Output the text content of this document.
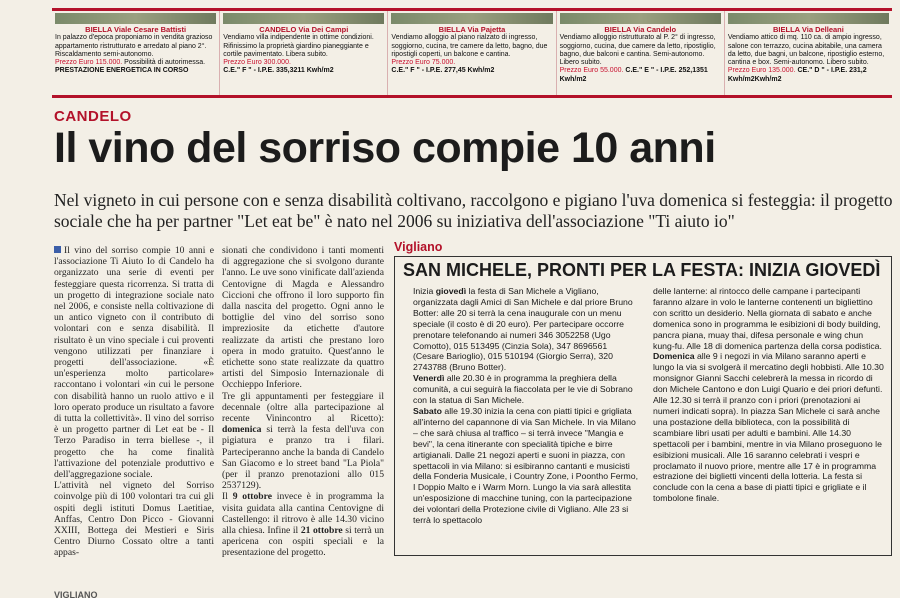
BIELLA Viale Cesare Battisti
In palazzo d'epoca proponiamo in vendita grazioso appartamento ristrutturato e arredato al piano 2°. Riscaldamento semi-autonomo.
Prezzo Euro 115.000. Possibilità di autorimessa.
PRESTAZIONE ENERGETICA IN CORSO
CANDELO Via Dei Campi
Vendiamo villa indipendente in ottime condizioni. Rifinissimo la proprietà giardino pianeggiante e cortile pavimentato. Libera subito.
Prezzo Euro 300.000.
C.E." F " - I.P.E. 335,3211 Kwh/m2
BIELLA Via Pajetta
Vendiamo alloggio al piano rialzato di ingresso, soggiorno, cucina, tre camere da letto, bagno, due ripostigli coperti, un balcone e cantina.
Prezzo Euro 75.000.
C.E." F " - I.P.E. 277,45 Kwh/m2
BIELLA Via Candelo
Vendiamo alloggio ristrutturato al P. 2° di ingresso, soggiorno, cucina, due camere da letto, ripostiglio, bagno, due balconi e cantina. Semi-autonomo. Libero subito.
Prezzo Euro 55.000. C.E." E " - I.P.E. 252,1351 Kwh/m2
BIELLA Via Delleani
Vendiamo attico di mq. 110 ca. di ampio ingresso, salone con terrazzo, cucina abitabile, una camera da letto, due bagni, un balcone, ripostiglio esterno, cantina e box. Semi-autonomo. Libero subito.
Prezzo Euro 135.000. CE." D " - I.P.E. 231,2 Kwh/m2Kwh/m2
CANDELO
Il vino del sorriso compie 10 anni
Nel vigneto in cui persone con e senza disabilità coltivano, raccolgono e pigiano l'uva domenica si festeggia: il progetto sociale che ha per partner "Let eat be" è nato nel 2006 su iniziativa dell'associazione "Ti aiuto io"

Il vino del sorriso compie 10 anni e l'associazione Ti Aiuto Io di Candelo ha organizzato una serie di eventi per festeggiare questa ricorrenza. Si tratta di un progetto di integrazione sociale nato nel 2006, e consiste nella coltivazione di un antico vigneto con il contributo di volontari con e senza disabilità. Il risultato è un vino speciale i cui proventi vengono utilizzati per finanziare i progetti dell'associazione. «È un'esperienza molto particolare» raccontano i volontari «in cui le persone con disabilità hanno un ruolo attivo e il loro operato produce un risultato a favore di tutta la collettività». Il vino del sorriso è un progetto partner di Let eat be - Il Terzo Paradiso in terra biellese -, il progetto che ha come finalità l'attivazione del potenziale produttivo e dell'aggregazione sociale.

L'attività nel vigneto del Sorriso coinvolge più di 100 volontari tra cui gli ospiti degli istituti Domus Laetitiae, Anffas, Centro Don Picco - Giovanni XXIII, Bottega dei Mestieri e Siris Centro Diurno Cossato oltre a tanti appas-

sionati che condividono i tanti momenti di aggregazione che si svolgono durante l'anno. Le uve sono vinificate dall'azienda Centovigne di Magda e Alessandro Ciccioni che offrono il loro supporto fin dalla nascita del progetto. Ogni anno le bottiglie del vino del sorriso sono impreziosite da etichette d'autore realizzate da artisti che prestano loro opera in modo gratuito. Quest'anno le etichette sono state realizzate da quattro artisti del Simposio Internazionale di Occhieppo Inferiore.

Tre gli appuntamenti per festeggiare il decennale (oltre alla partecipazione al recente Vinincontro al Ricetto): domenica si terrà la festa dell'uva con pigiatura e pranzo tra i filari. Parteciperanno anche la banda di Candelo San Giacomo e lo street band "La Piola" (per il pranzo prenotazioni allo 015 2537129).

Il 9 ottobre invece è in programma la visita guidata alla cantina Centovigne di Castellengo: il ritrovo è alle 14.30 vicino alla chiesa. Infine il 21 ottobre si terrà un apericena con ospiti speciali e la presentazione del progetto.

Vigliano
SAN MICHELE, PRONTI PER LA FESTA: INIZIA GIOVEDÌ

Inizia giovedì la festa di San Michele a Vigliano, organizzata dagli Amici di San Michele e dal priore Bruno Botter: alle 20 si terrà la cena inaugurale con un menu speciale (il costo è di 20 euro). Per partecipare occorre prenotare telefonando ai numeri 346 3052258 (Ugo Comotto), 015 513495 (Cinzia Sola), 347 8696561 (Cesare Barioglio), 015 510194 (Giorgio Serra), 320 2743788 (Bruno Botter).

Venerdì alle 20.30 è in programma la preghiera della comunità, a cui seguirà la fiaccolata per le vie di Sobrano con la statua di San Michele.

Sabato alle 19.30 inizia la cena con piatti tipici e grigliata all'interno del capannone di via San Michele. In via Milano – che sarà chiusa al traffico – si terrà invece "Mangia e bevi", la cena itinerante con specialità tipiche e birre artigianali. Dalle 21 negozi aperti e suoni in piazza, con spettacoli in via Milano: si esibiranno cantanti e musicisti della Fonderia Musicale, i Country Zone, i Poontho Fermo, I Doppio Malto e i Warm Morn. Lungo la via sarà allestita un'esposizione di macchine tuning, con la partecipazione dei volontari della Protezione civile di Vigliano. Alle 23 si terrà lo spettacolo

delle lanterne: al rintocco delle campane i partecipanti faranno alzare in volo le lanterne contenenti un bigliettino con scritto un desiderio. Nella giornata di sabato e anche domenica sono in programma le esibizioni di body building, pancra piana, muay thai, difesa personale e wing chun kung-fu. Alle 18 di domenica partenza della corsa podistica.

Domenica alle 9 i negozi in via Milano saranno aperti e lungo la via si svolgerà il mercatino degli hobbisti. Alle 10.30 monsignor Gianni Sacchi celebrerà la messa in ricordo di don Michele Cantono e don Luigi Quario e dei priori defunti. Alle 12.30 si terrà il pranzo con i priori (prenotazioni ai numeri indicati sopra). In piazza San Michele ci sarà anche una postazione della biblioteca, con la possibilità di scambiare libri usati per adulti e bambini. Alle 14.30 spettacoli per i bambini, mentre in via Milano proseguono le esibizioni musicali. Alle 16 saranno celebrati i vespri e proclamato il nuovo priore, mentre alle 17 è in programma estrazione dei biglietti vincenti della lotteria. La festa si conclude con la cena a base di piatti tipici e grigliate e il tombolone finale.

VIGLIANO
